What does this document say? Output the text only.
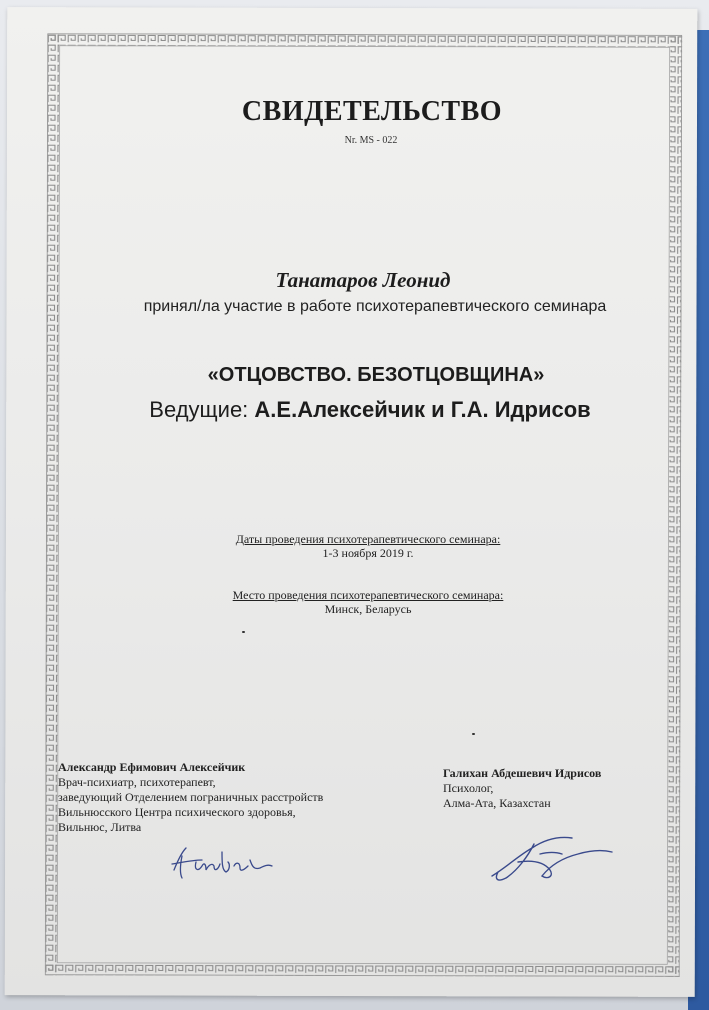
СВИДЕТЕЛЬСТВО
Nr. MS - 022
Танатаров Леонид
принял/ла участие в работе психотерапевтического семинара
«ОТЦОВСТВО. БЕЗОТЦОВЩИНА»
Ведущие: А.Е.Алексейчик и Г.А. Идрисов
Даты проведения психотерапевтического семинара:
1-3 ноября 2019 г.
Место проведения психотерапевтического семинара:
Минск, Беларусь
Александр Ефимович Алексейчик
Врач-психиатр, психотерапевт,
заведующий Отделением пограничных расстройств
Вильнюсского Центра психического здоровья,
Вильнюс, Литва
Галихан Абдешевич Идрисов
Психолог,
Алма-Ата, Казахстан
